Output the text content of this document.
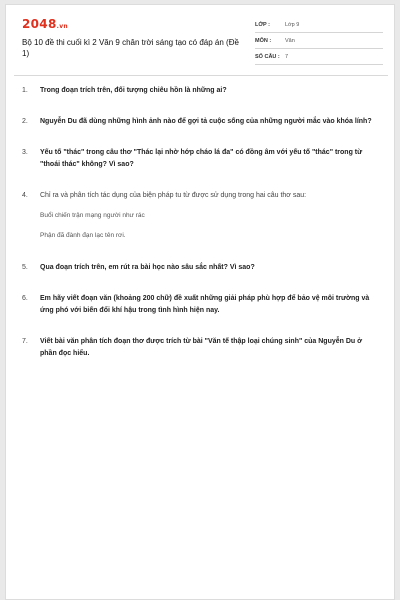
2048.vn
Bộ 10 đề thi cuối kì 2 Văn 9 chân trời sáng tạo có đáp án (Đề 1)
LỚP :	Lớp 9
MÔN :	Văn
SỐ CÂU : 7
1.	Trong đoạn trích trên, đối tượng chiêu hồn là những ai?
2.	Nguyễn Du đã dùng những hình ảnh nào để gợi tả cuộc sống của những người mắc vào khóa lính?
3.	Yếu tố "thác" trong câu thơ "Thác lại nhờ hớp cháo lá đa" có đồng âm với yếu tố "thác" trong từ "thoái thác" không? Vì sao?
4.	Chỉ ra và phân tích tác dụng của biện pháp tu từ được sử dụng trong hai câu thơ sau:
Buổi chiến trận mạng người như rác
Phận đã đành đạn lạc tên rơi.
5.	Qua đoạn trích trên, em rút ra bài học nào sâu sắc nhất? Vì sao?
6.	Em hãy viết đoạn văn (khoảng 200 chữ) đề xuất những giải pháp phù hợp để bảo vệ môi trường và ứng phó với biến đổi khí hậu trong tình hình hiện nay.
7.	Viết bài văn phân tích đoạn thơ được trích từ bài "Văn tế thập loại chúng sinh" của Nguyễn Du ở phần đọc hiểu.
